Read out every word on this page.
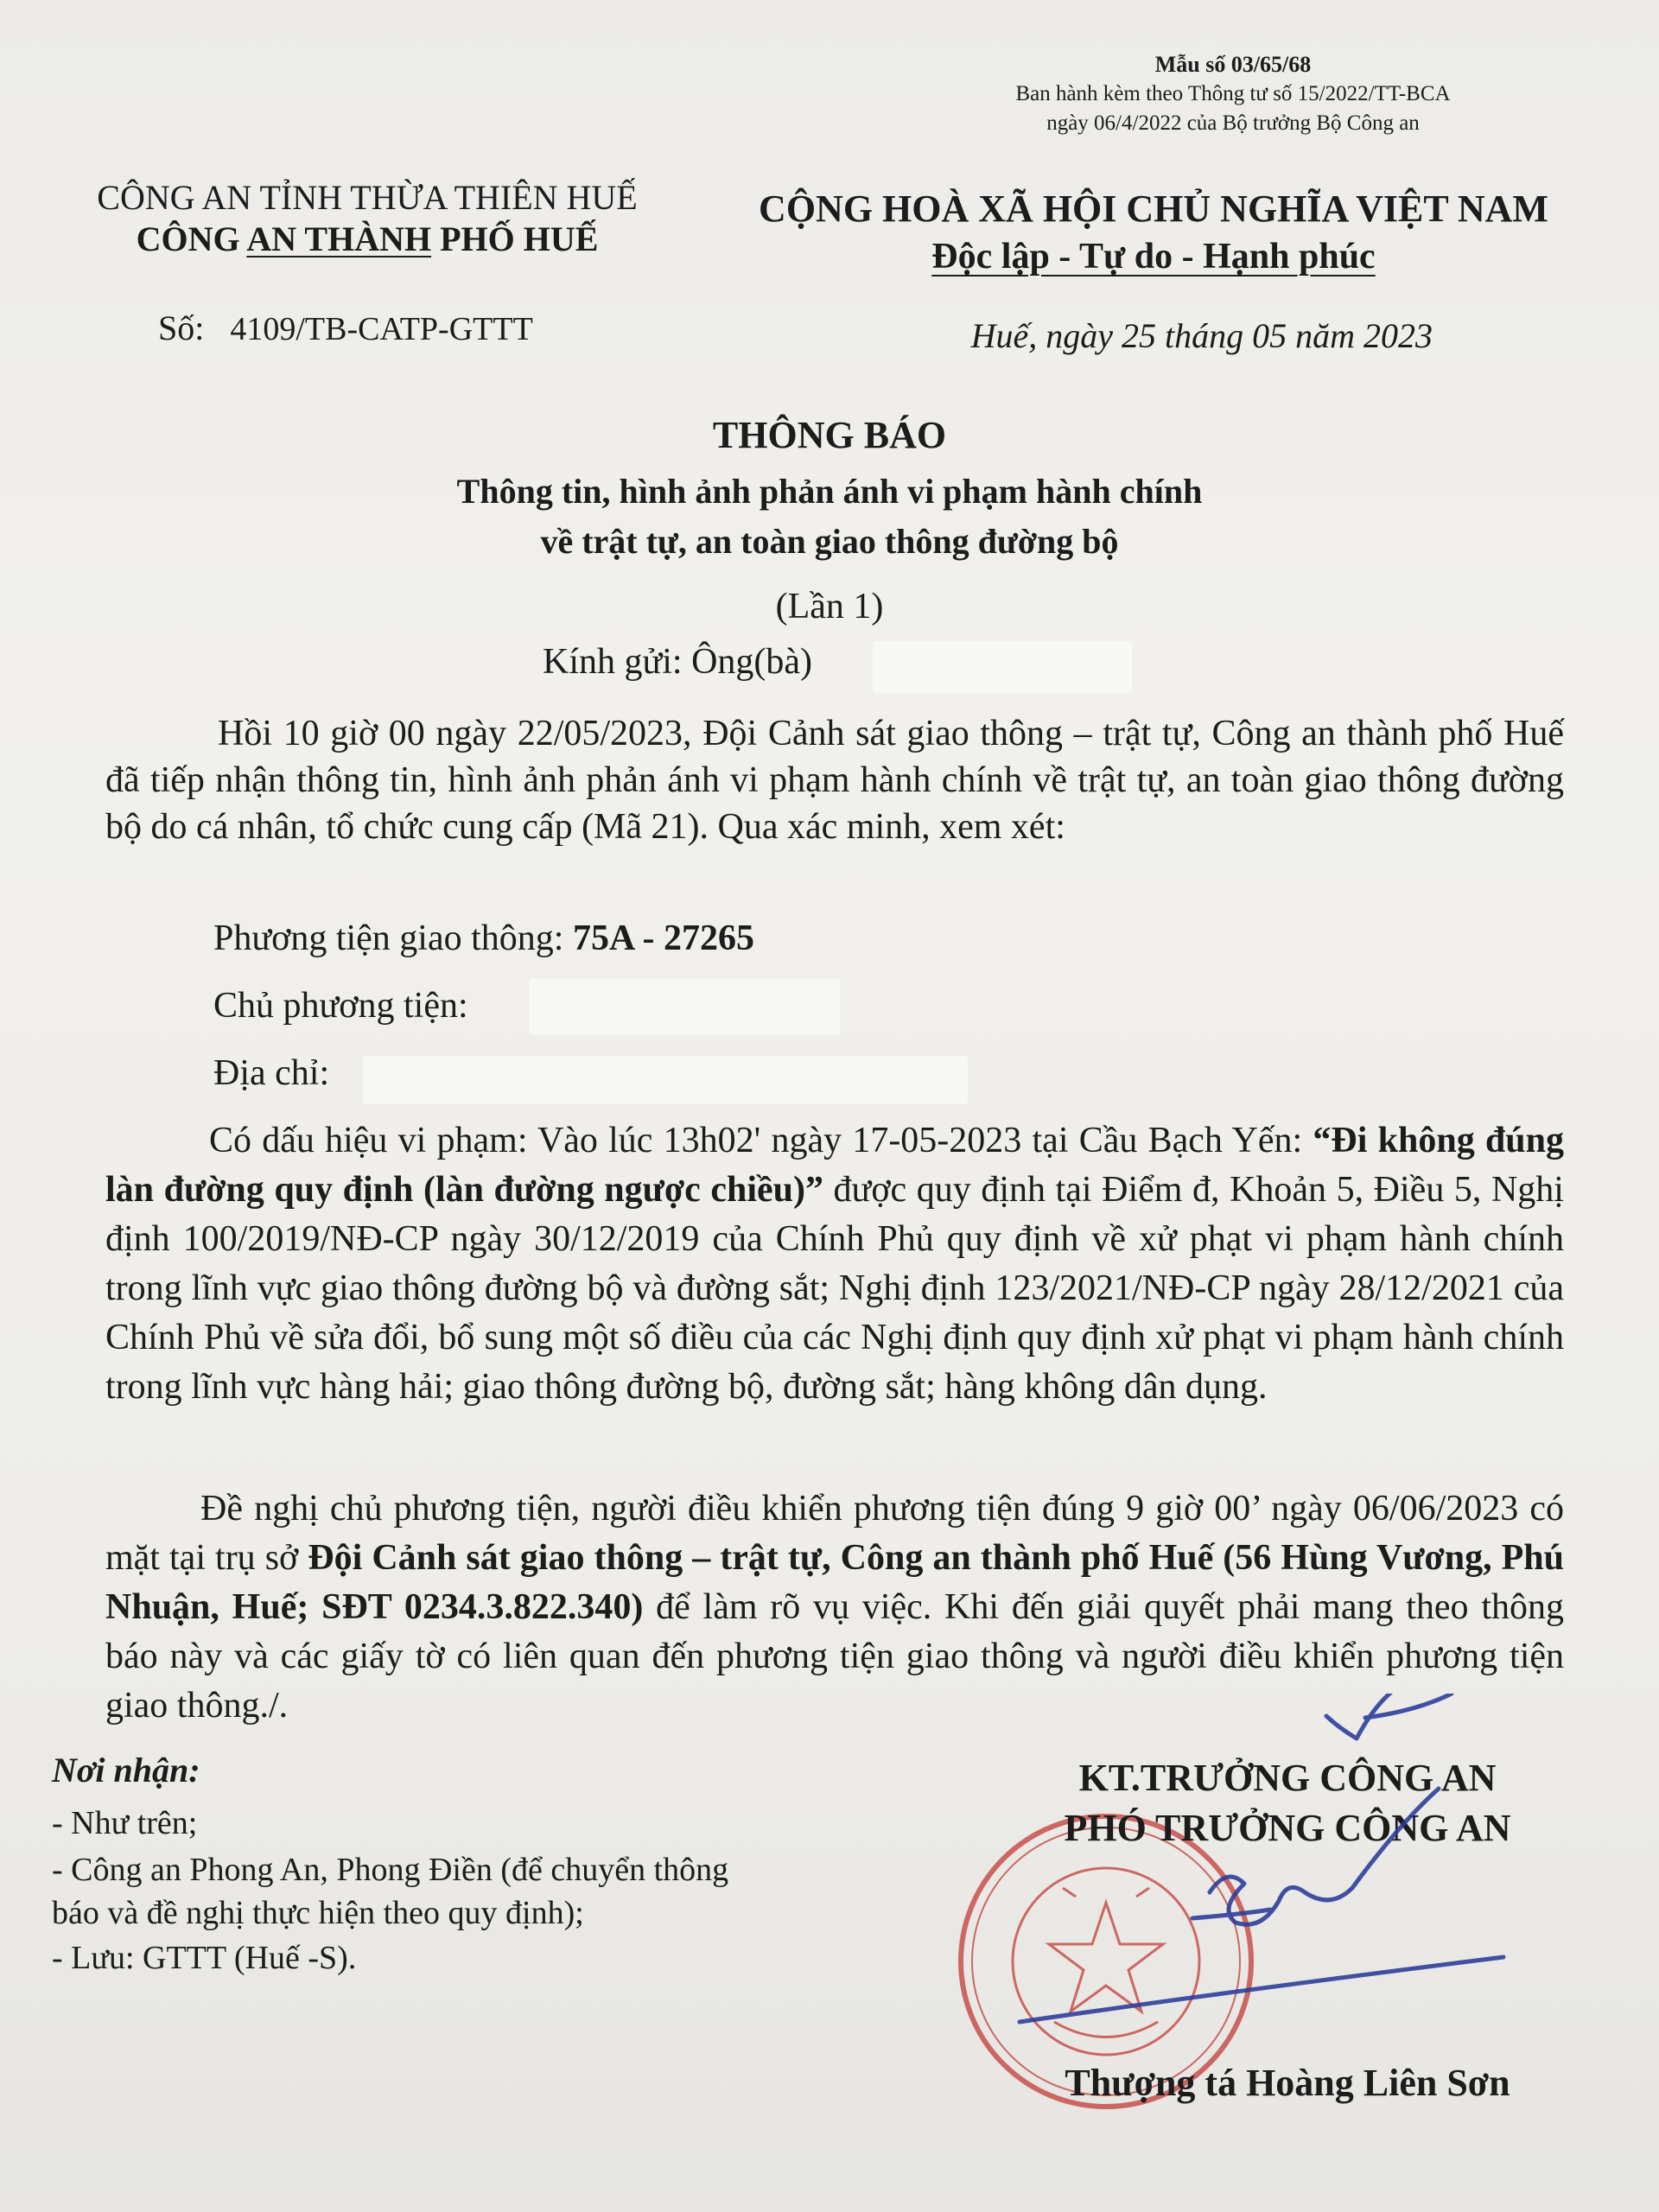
Mẫu số 03/65/68
Ban hành kèm theo Thông tư số 15/2022/TT-BCA
ngày 06/4/2022 của Bộ trưởng Bộ Công an
CÔNG AN TỈNH THỪA THIÊN HUẾ
CÔNG AN THÀNH PHỐ HUẾ
CỘNG HOÀ XÃ HỘI CHỦ NGHĨA VIỆT NAM
Độc lập - Tự do - Hạnh phúc
Số: 4109/TB-CATP-GTTT	Huế, ngày 25 tháng 05 năm 2023
THÔNG BÁO
Thông tin, hình ảnh phản ánh vi phạm hành chính
về trật tự, an toàn giao thông đường bộ
(Lần 1)
Kính gửi: Ông(bà)
Hồi 10 giờ 00 ngày 22/05/2023, Đội Cảnh sát giao thông – trật tự, Công an thành phố Huế đã tiếp nhận thông tin, hình ảnh phản ánh vi phạm hành chính về trật tự, an toàn giao thông đường bộ do cá nhân, tổ chức cung cấp (Mã 21). Qua xác minh, xem xét:
Phương tiện giao thông: 75A - 27265
Chủ phương tiện:
Địa chỉ:
Có dấu hiệu vi phạm: Vào lúc 13h02' ngày 17-05-2023 tại Cầu Bạch Yến: “Đi không đúng làn đường quy định (làn đường ngược chiều)” được quy định tại Điểm đ, Khoản 5, Điều 5, Nghị định 100/2019/NĐ-CP ngày 30/12/2019 của Chính Phủ quy định về xử phạt vi phạm hành chính trong lĩnh vực giao thông đường bộ và đường sắt; Nghị định 123/2021/NĐ-CP ngày 28/12/2021 của Chính Phủ về sửa đổi, bổ sung một số điều của các Nghị định quy định xử phạt vi phạm hành chính trong lĩnh vực hàng hải; giao thông đường bộ, đường sắt; hàng không dân dụng.
Đề nghị chủ phương tiện, người điều khiển phương tiện đúng 9 giờ 00’ ngày 06/06/2023 có mặt tại trụ sở Đội Cảnh sát giao thông – trật tự, Công an thành phố Huế (56 Hùng Vương, Phú Nhuận, Huế; SĐT 0234.3.822.340) để làm rõ vụ việc. Khi đến giải quyết phải mang theo thông báo này và các giấy tờ có liên quan đến phương tiện giao thông và người điều khiển phương tiện giao thông./.
Nơi nhận:
- Như trên;
- Công an Phong An, Phong Điền (để chuyển thông
báo và đề nghị thực hiện theo quy định);
- Lưu: GTTT (Huế -S).
KT.TRƯỞNG CÔNG AN
PHÓ TRƯỞNG CÔNG AN
Thượng tá Hoàng Liên Sơn
